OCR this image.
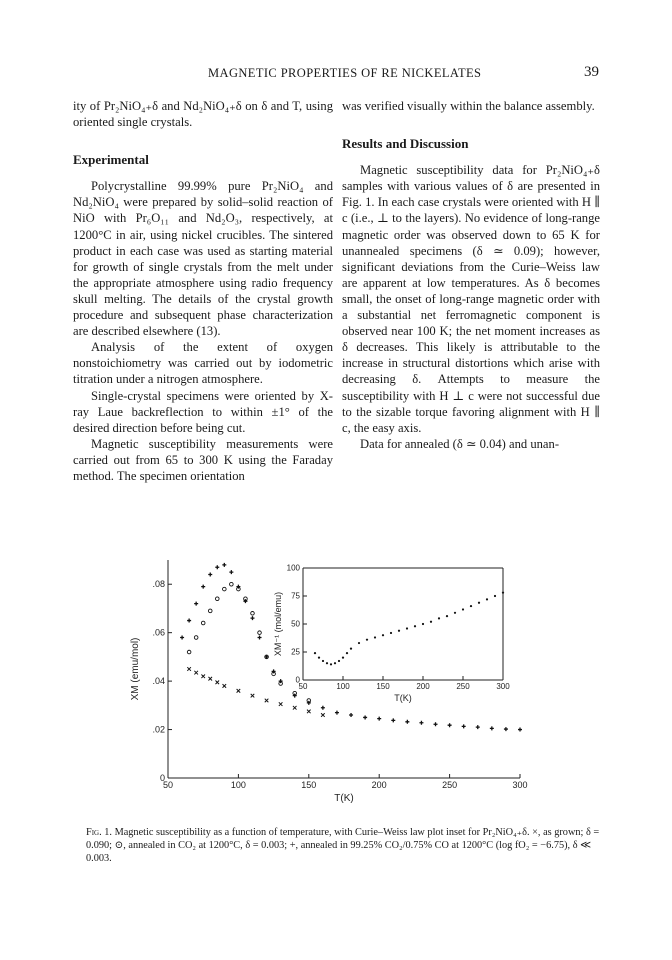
MAGNETIC PROPERTIES OF RE NICKELATES	39

ity of Pr₂NiO₄₊δ and Nd₂NiO₄₊δ on δ and T, using oriented single crystals.

Experimental

Polycrystalline 99.99% pure Pr₂NiO₄ and Nd₂NiO₄ were prepared by solid–solid reaction of NiO with Pr₆O₁₁ and Nd₂O₃, respectively, at 1200°C in air, using nickel crucibles. The sintered product in each case was used as starting material for growth of single crystals from the melt under the appropriate atmosphere using radio frequency skull melting. The details of the crystal growth procedure and subsequent phase characterization are described elsewhere (13).

Analysis of the extent of oxygen nonstoichiometry was carried out by iodometric titration under a nitrogen atmosphere.

Single-crystal specimens were oriented by X-ray Laue backreflection to within ±1° of the desired direction before being cut.

Magnetic susceptibility measurements were carried out from 65 to 300 K using the Faraday method. The specimen orientation

was verified visually within the balance assembly.

Results and Discussion

Magnetic susceptibility data for Pr₂NiO₄₊δ samples with various values of δ are presented in Fig. 1. In each case crystals were oriented with H ∥ c (i.e., ⊥ to the layers). No evidence of long-range magnetic order was observed down to 65 K for unannealed specimens (δ ≃ 0.09); however, significant deviations from the Curie–Weiss law are apparent at low temperatures. As δ becomes small, the onset of long-range magnetic order with a substantial net ferromagnetic component is observed near 100 K; the net moment increases as δ decreases. This likely is attributable to the increase in structural distortions which arise with decreasing δ. Attempts to measure the susceptibility with H ⊥ c were not successful due to the sizable torque favoring alignment with H ∥ c, the easy axis.

Data for annealed (δ ≃ 0.04) and unan-

50	100	150	200	250	300
0
.02
.04
.06
.08
T(K)
XM (emu/mol)	50	100	150	200	250	300
0
25
50
75
100
T(K)
XM⁻¹ (mol/emu)
Fig. 1. Magnetic susceptibility as a function of temperature, with Curie–Weiss law plot inset for Pr₂NiO₄₊δ. ×, as grown; δ = 0.090; ⊙, annealed in CO₂ at 1200°C, δ = 0.003; +, annealed in 99.25% CO₂/0.75% CO at 1200°C (log fO₂ = −6.75), δ ≪ 0.003.
